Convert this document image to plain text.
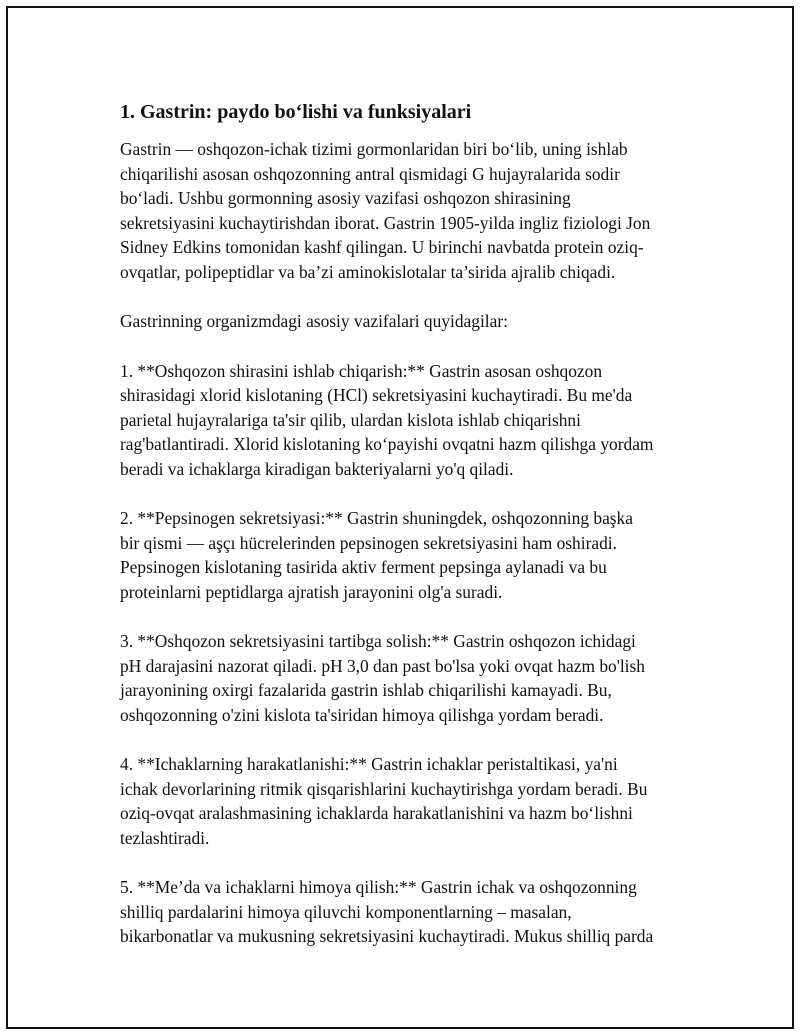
1. Gastrin: paydo boʻlishi va funksiyalari

Gastrin — oshqozon-ichak tizimi gormonlaridan biri boʻlib, uning ishlab
chiqarilishi asosan oshqozonning antral qismidagi G hujayralarida sodir
boʻladi. Ushbu gormonning asosiy vazifasi oshqozon shirasining
sekretsiyasini kuchaytirishdan iborat. Gastrin 1905-yilda ingliz fiziologi Jon
Sidney Edkins tomonidan kashf qilingan. U birinchi navbatda protein oziq-
ovqatlar, polipeptidlar va ba’zi aminokislotalar ta’sirida ajralib chiqadi.

Gastrinning organizmdagi asosiy vazifalari quyidagilar:

1. **Oshqozon shirasini ishlab chiqarish:** Gastrin asosan oshqozon
shirasidagi xlorid kislotaning (HCl) sekretsiyasini kuchaytiradi. Bu me'da
parietal hujayralariga ta'sir qilib, ulardan kislota ishlab chiqarishni
rag'batlantiradi. Xlorid kislotaning koʻpayishi ovqatni hazm qilishga yordam
beradi va ichaklarga kiradigan bakteriyalarni yo'q qiladi.

2. **Pepsinogen sekretsiyasi:** Gastrin shuningdek, oshqozonning başka
bir qismi — aşçı hücrelerinden pepsinogen sekretsiyasini ham oshiradi.
Pepsinogen kislotaning tasirida aktiv ferment pepsinga aylanadi va bu
proteinlarni peptidlarga ajratish jarayonini olg'a suradi.

3. **Oshqozon sekretsiyasini tartibga solish:** Gastrin oshqozon ichidagi
pH darajasini nazorat qiladi. pH 3,0 dan past bo'lsa yoki ovqat hazm bo'lish
jarayonining oxirgi fazalarida gastrin ishlab chiqarilishi kamayadi. Bu,
oshqozonning o'zini kislota ta'siridan himoya qilishga yordam beradi.

4. **Ichaklarning harakatlanishi:** Gastrin ichaklar peristaltikasi, ya'ni
ichak devorlarining ritmik qisqarishlarini kuchaytirishga yordam beradi. Bu
oziq-ovqat aralashmasining ichaklarda harakatlanishini va hazm boʻlishni
tezlashtiradi.

5. **Me’da va ichaklarni himoya qilish:** Gastrin ichak va oshqozonning
shilliq pardalarini himoya qiluvchi komponentlarning – masalan,
bikarbonatlar va mukusning sekretsiyasini kuchaytiradi. Mukus shilliq parda
